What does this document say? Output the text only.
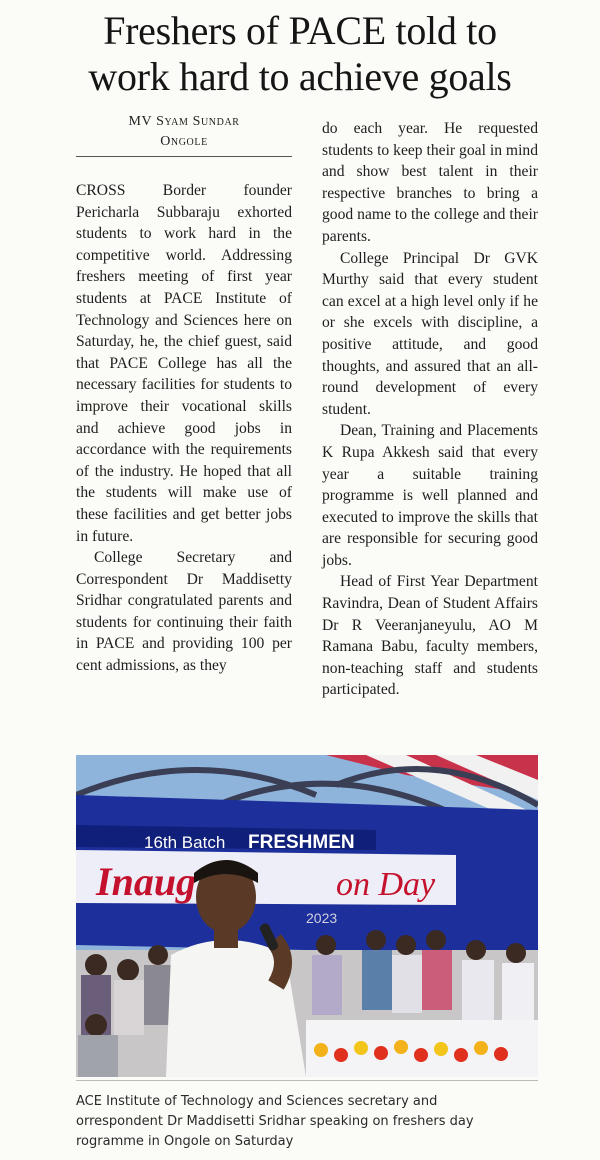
Freshers of PACE told to
work hard to achieve goals
MV Syam Sundar
Ongole

CROSS Border founder Pericharla Subbaraju exhorted students to work hard in the competitive world. Addressing freshers meeting of first year students at PACE Institute of Technology and Sciences here on Saturday, he, the chief guest, said that PACE College has all the necessary facilities for students to improve their vocational skills and achieve good jobs in accordance with the requirements of the industry. He hoped that all the students will make use of these facilities and get better jobs in future.

College Secretary and Correspondent Dr Maddisetty Sridhar congratulated parents and students for continuing their faith in PACE and providing 100 per cent admissions, as they

do each year. He requested students to keep their goal in mind and show best talent in their respective branches to bring a good name to the college and their parents.

College Principal Dr GVK Murthy said that every student can excel at a high level only if he or she excels with discipline, a positive attitude, and good thoughts, and assured that an all-round development of every student.

Dean, Training and Placements K Rupa Akkesh said that every year a suitable training programme is well planned and executed to improve the skills that are responsible for securing good jobs.

Head of First Year Department Ravindra, Dean of Student Affairs Dr R Veeranjaneyulu, AO M Ramana Babu, faculty members, non-teaching staff and students participated.

16th Batch FRESHMEN
Inaug	on Day
2023
ACE Institute of Technology and Sciences secretary and
orrespondent Dr Maddisetti Sridhar speaking on freshers day
rogramme in Ongole on Saturday
